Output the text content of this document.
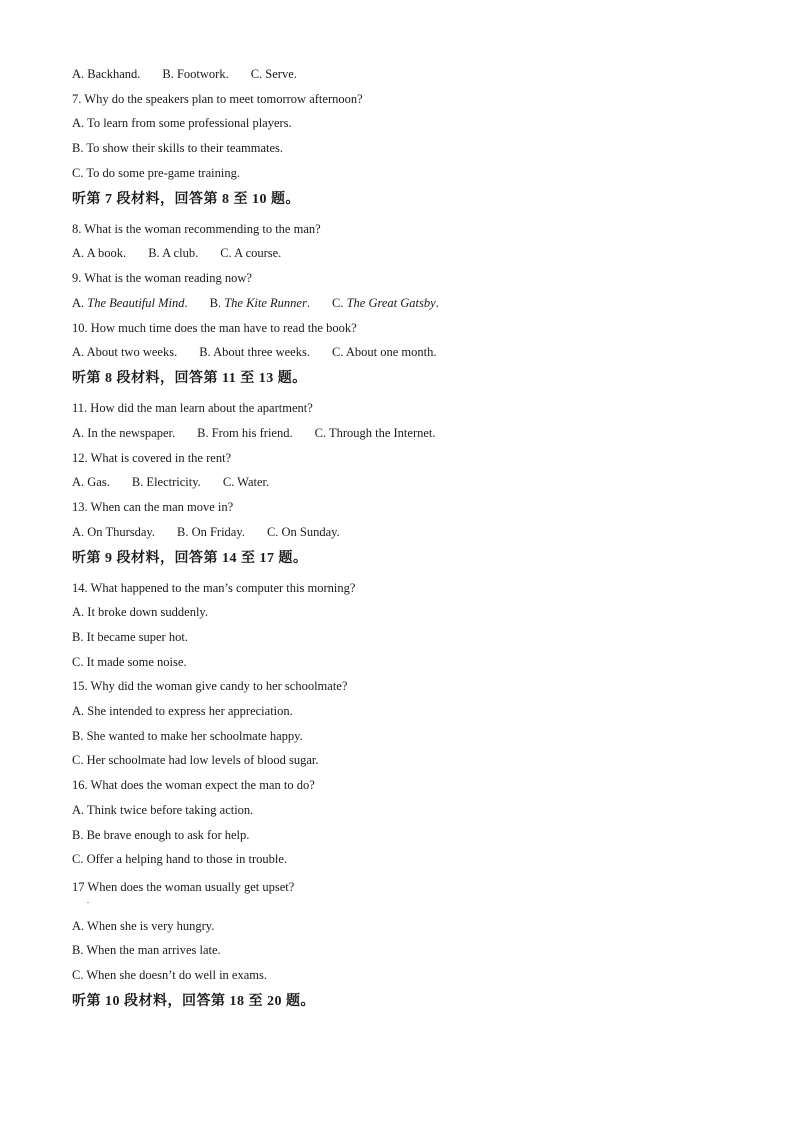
A. Backhand. B. Footwork. C. Serve.
7. Why do the speakers plan to meet tomorrow afternoon?
A. To learn from some professional players.
B. To show their skills to their teammates.
C. To do some pre-game training.
听第 7 段材料，回答第 8 至 10 题。
8. What is the woman recommending to the man?
A. A book. B. A club. C. A course.
9. What is the woman reading now?
A. The Beautiful Mind. B. The Kite Runner. C. The Great Gatsby.
10. How much time does the man have to read the book?
A. About two weeks. B. About three weeks. C. About one month.
听第 8 段材料，回答第 11 至 13 题。
11. How did the man learn about the apartment?
A. In the newspaper. B. From his friend. C. Through the Internet.
12. What is covered in the rent?
A. Gas. B. Electricity. C. Water.
13. When can the man move in?
A. On Thursday. B. On Friday. C. On Sunday.
听第 9 段材料，回答第 14 至 17 题。
14. What happened to the man’s computer this morning?
A. It broke down suddenly.
B. It became super hot.
C. It made some noise.
15. Why did the woman give candy to her schoolmate?
A. She intended to express her appreciation.
B. She wanted to make her schoolmate happy.
C. Her schoolmate had low levels of blood sugar.
16. What does the woman expect the man to do?
A. Think twice before taking action.
B. Be brave enough to ask for help.
C. Offer a helping hand to those in trouble.
17 When does the woman usually get upset?
A. When she is very hungry.
B. When the man arrives late.
C. When she doesn’t do well in exams.
听第 10 段材料，回答第 18 至 20 题。
.
